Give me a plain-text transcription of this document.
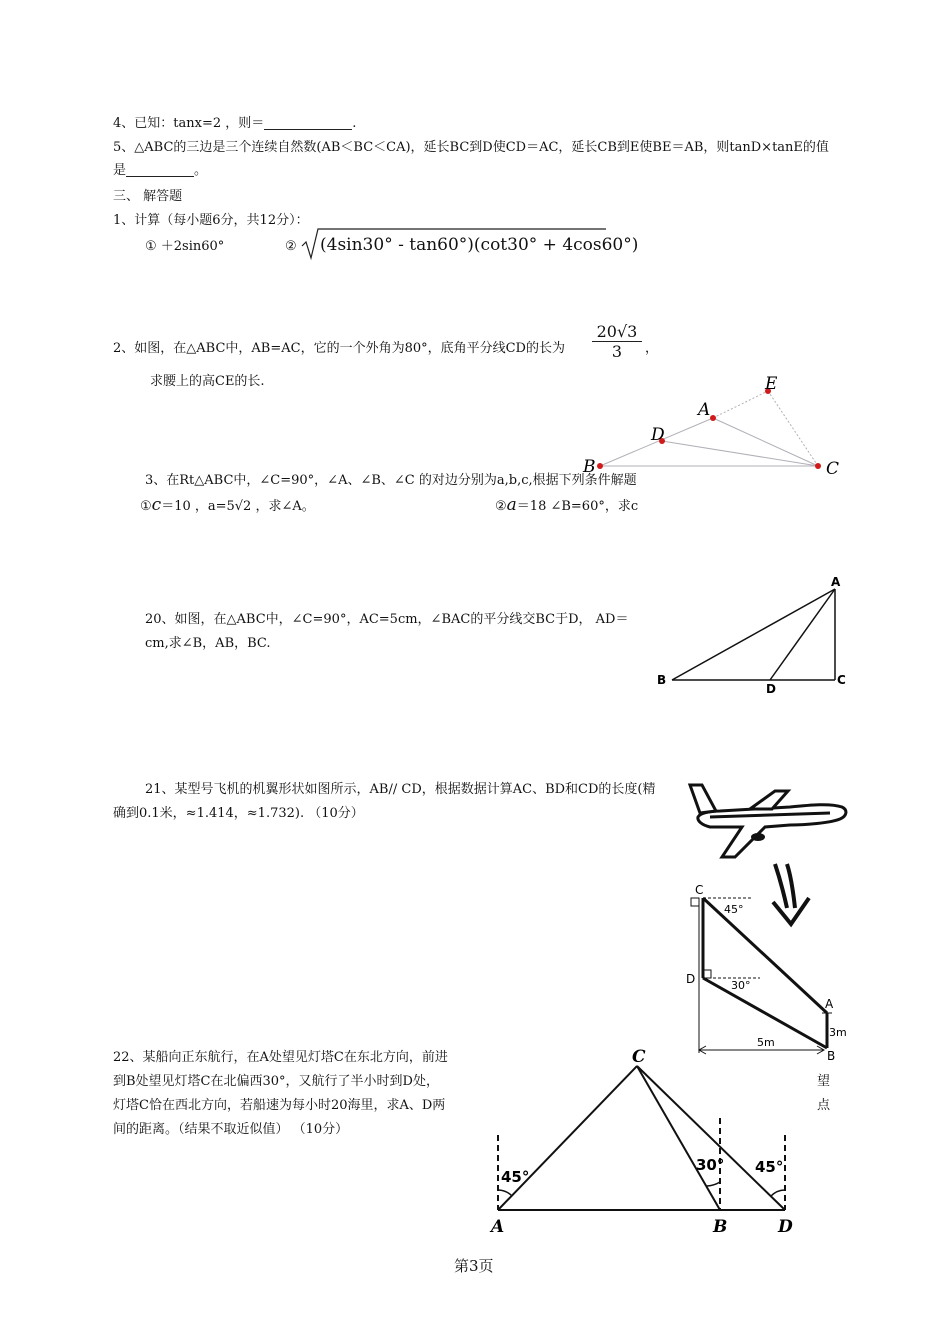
4、已知：tanx=2 ，则＝	.
5、△ABC的三边是三个连续自然数(AB＜BC＜CA)，延长BC到D使CD＝AC，延长CB到E使BE＝AB，则tanD×tanE的值
是	。
三、 解答题
1、计算（每小题6分，共12分）：
① ＋2sin60°	② (4sin30° - tan60°)(cot30° + 4cos60°)
2、如图，在△ABC中，AB=AC，它的一个外角为80°，底角平分线CD的长为 $\frac{20√3}{3}$ ，
求腰上的高CE的长.	E
A
D
B	C
3、在Rt△ABC中，∠C=90°，∠A、∠B、∠C 的对边分别为a,b,c,根据下列条件解题
①c＝10 ，a=5√2 ，求∠A。	②a＝18 ∠B=60°，求c
20、如图，在△ABC中，∠C=90°，AC=5cm，∠BAC的平分线交BC于D， AD＝
cm,求∠B，AB，BC.
A
B	C
D
21、某型号飞机的机翼形状如图所示，AB// CD，根据数据计算AC、BD和CD的长度(精
确到0.1米，≈1.414，≈1.732). （10分）
C
D
A
B
45°
30°
3m
5m
22、某船向正东航行，在A处望见灯塔C在东北方向，前进
到B处望见灯塔C在北偏西30°，又航行了半小时到D处，
灯塔C恰在西北方向，若船速为每小时20海里，求A、D两
间的距离。（结果不取近似值） （10分）
望
点
C
A	B	D
45°
30° 45°
第3页
